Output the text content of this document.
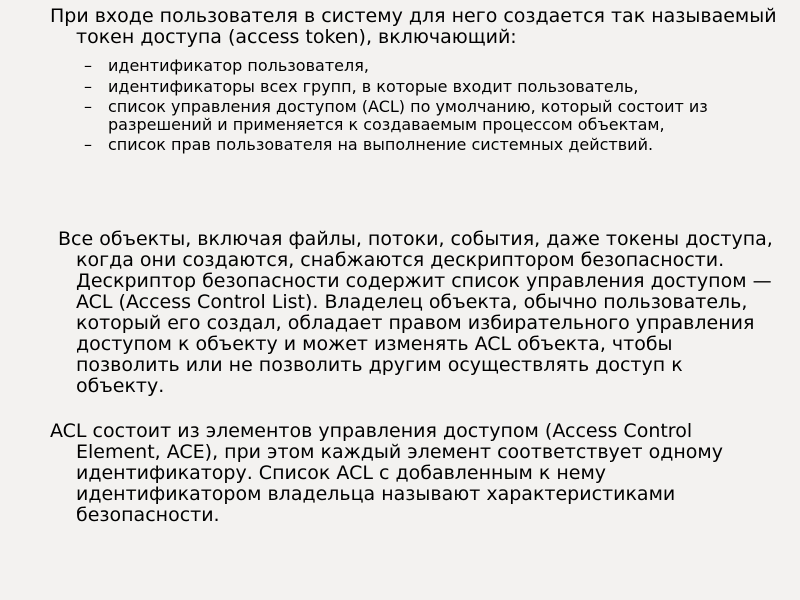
При входе пользователя в систему для него создается так называемый токен доступа (access token), включающий:

– идентификатор пользователя,
– идентификаторы всех групп, в которые входит пользователь,
– список управления доступом (ACL) по умолчанию, который состоит из разрешений и применяется к создаваемым процессом объектам,
– список прав пользователя на выполнение системных действий.

Все объекты, включая файлы, потоки, события, даже токены доступа, когда они создаются, снабжаются дескриптором безопасности. Дескриптор безопасности содержит список управления доступом — ACL (Access Control List). Владелец объекта, обычно пользователь, который его создал, обладает правом избирательного управления доступом к объекту и может изменять ACL объекта, чтобы позволить или не позволить другим осуществлять доступ к объекту.

ACL состоит из элементов управления доступом (Access Control Element, ACE), при этом каждый элемент соответствует одному идентификатору. Список ACL с добавленным к нему идентификатором владельца называют характеристиками безопасности.
